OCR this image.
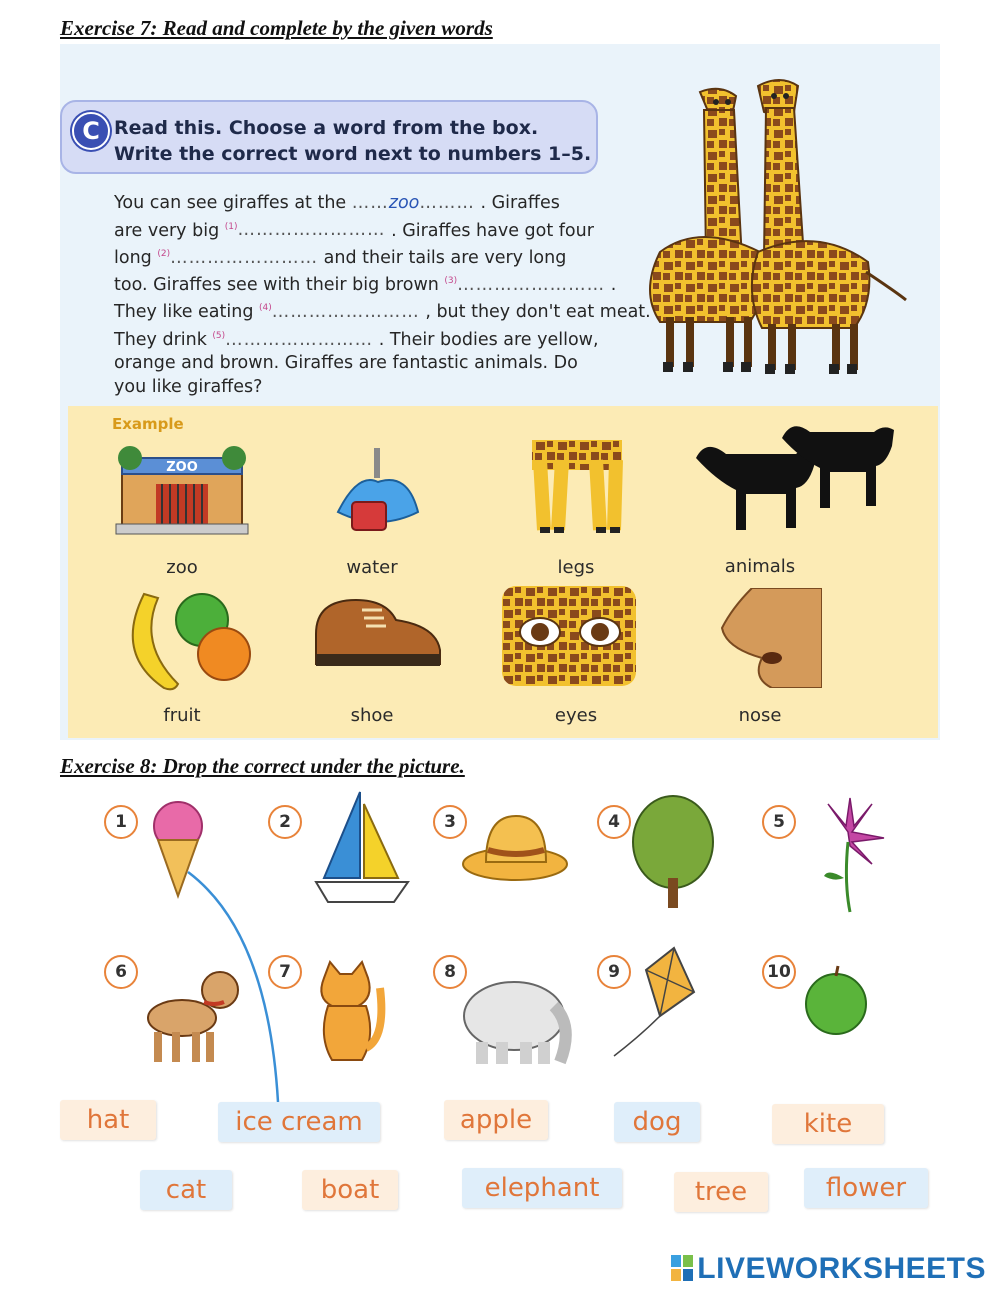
Exercise 7: Read and complete by the given words
C Read this. Choose a word from the box.
Write the correct word next to numbers 1–5.
You can see giraffes at the ……zoo……… . Giraffes
are very big $^{(1)}$…………………… . Giraffes have got four
long $^{(2)}$…………………… and their tails are very long
too. Giraffes see with their big brown $^{(3)}$…………………… .
They like eating $^{(4)}$…………………… , but they don't eat meat.
They drink $^{(5)}$…………………… . Their bodies are yellow,
orange and brown. Giraffes are fantastic animals. Do
you like giraffes?
Example
ZOO
zoo	water	legs	animals
fruit	shoe	eyes	nose
Exercise 8: Drop the correct under the picture.
1	2	3	4	5
6	7	8	9	10
hat	ice cream	apple	dog	kite
cat	boat	elephant	tree	flower
LIVEWORKSHEETS
